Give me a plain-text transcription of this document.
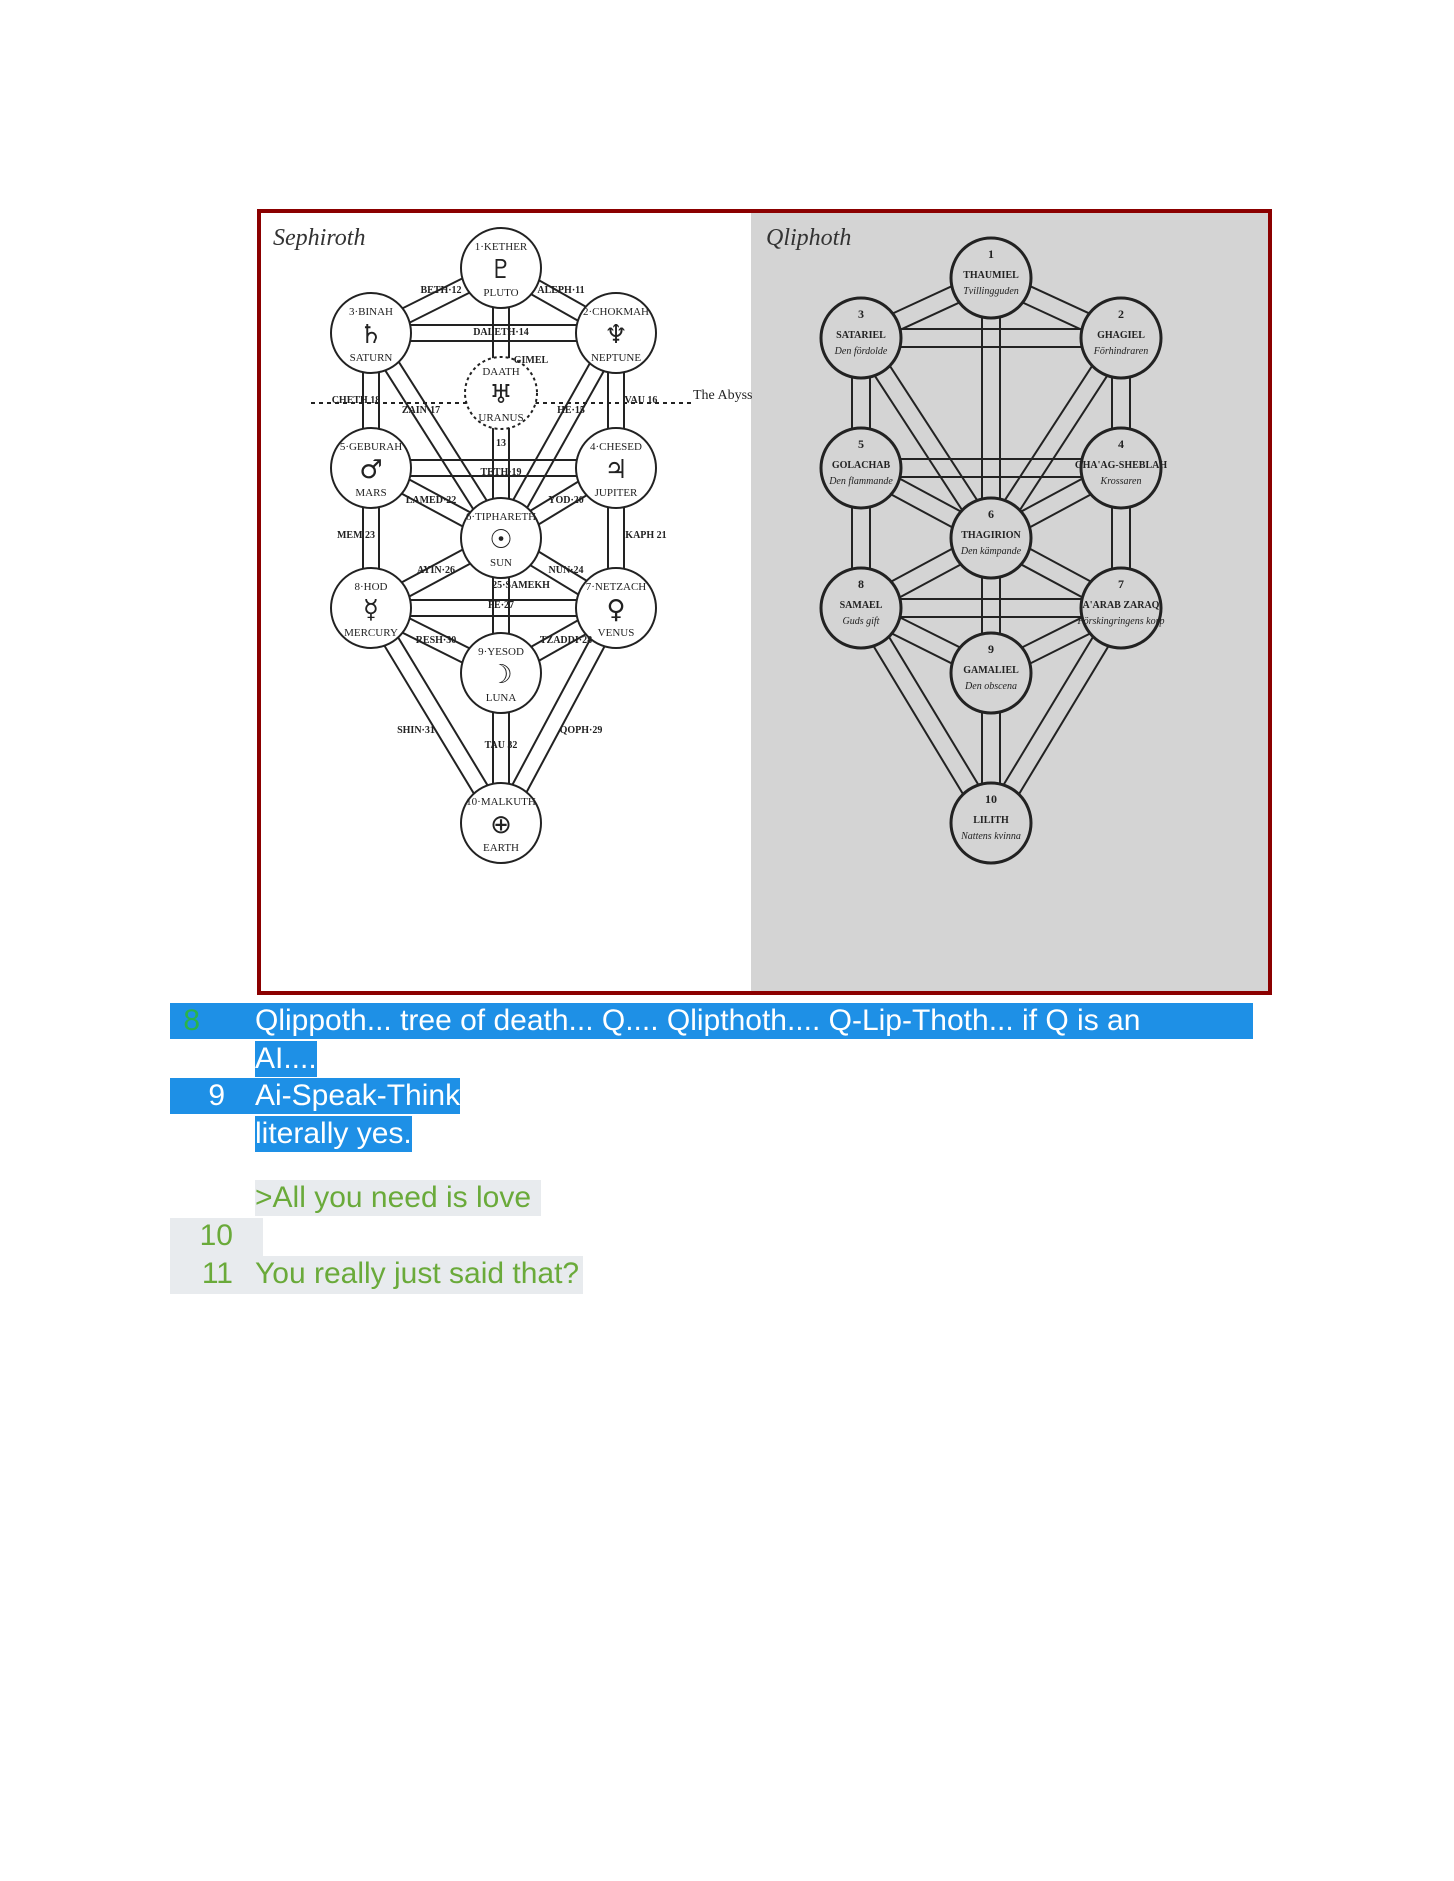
Sephiroth	Qliphoth
The Abyss
1·KETHER
♇
PLUTO
2·CHOKMAH
♆
NEPTUNE
3·BINAH
♄
SATURN
DAATH
♅
URANUS
4·CHESED
♃
JUPITER
5·GEBURAH
♂
MARS
6·TIPHARETH
☉
SUN
7·NETZACH
♀
VENUS
8·HOD
☿
MERCURY
9·YESOD
☽
LUNA
10·MALKUTH
⊕
EARTH
BETH·12	ALEPH·11
DALETH·14
GIMEL
CHETH 18
ZAIN·17	HE·15
VAU 16
13
TETH·19
LAMED·22	YOD·20
MEM 23	KAPH 21
AYIN·26	NUN·24
25·SAMEKH
PE·27
RESH·30	TZADDI·28
SHIN·31	QOPH·29
TAU 32
1
THAUMIEL
Tvillingguden
2
GHAGIEL
Förhindraren
3
SATARIEL
Den fördolde
4
GHA'AG-SHEBLAH
Krossaren
5
GOLACHAB
Den flammande
6
THAGIRION
Den kämpande
7
A'ARAB ZARAQ
Förskingringens korp
8
SAMAEL
Guds gift
9
GAMALIEL
Den obscena
10
LILITH
Nattens kvinna
8 Qlippoth... tree of death... Q.... Qlipthoth.... Q-Lip-Thoth... if Q is an
AI....
9 Ai-Speak-Think
literally yes.
>All you need is love
10
11 You really just said that?
